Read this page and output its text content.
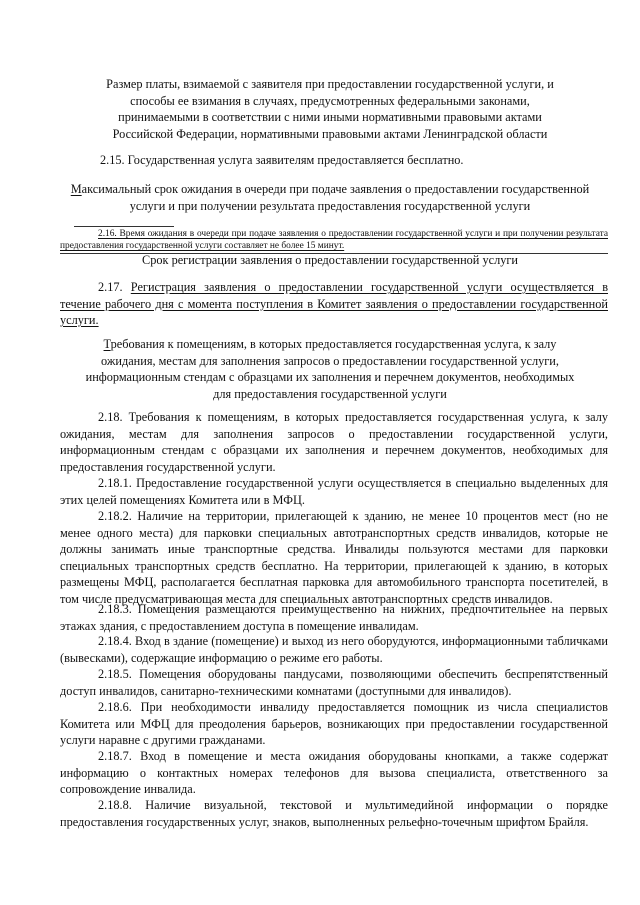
Размер платы, взимаемой с заявителя при предоставлении государственной услуги, и способы ее взимания в случаях, предусмотренных федеральными законами, принимаемыми в соответствии с ними иными нормативными правовыми актами Российской Федерации, нормативными правовыми актами Ленинградской области

2.15. Государственная услуга заявителям предоставляется бесплатно.

Максимальный срок ожидания в очереди при подаче заявления о предоставлении государственной услуги и при получении результата предоставления государственной услуги

2.16. Время ожидания в очереди при подаче заявления о предоставлении государственной услуги и при получении результата предоставления государственной услуги составляет не более 15 минут.

Срок регистрации заявления о предоставлении государственной услуги

2.17. Регистрация заявления о предоставлении государственной услуги осуществляется в течение рабочего дня с момента поступления в Комитет заявления о предоставлении государственной услуги.

Требования к помещениям, в которых предоставляется государственная услуга, к залу ожидания, местам для заполнения запросов о предоставлении государственной услуги, информационным стендам с образцами их заполнения и перечнем документов, необходимых для предоставления государственной услуги

2.18. Требования к помещениям, в которых предоставляется государственная услуга, к залу ожидания, местам для заполнения запросов о предоставлении государственной услуги, информационным стендам с образцами их заполнения и перечнем документов, необходимых для предоставления государственной услуги.

2.18.1. Предоставление государственной услуги осуществляется в специально выделенных для этих целей помещениях Комитета или в МФЦ.

2.18.2. Наличие на территории, прилегающей к зданию, не менее 10 процентов мест (но не менее одного места) для парковки специальных автотранспортных средств инвалидов, которые не должны занимать иные транспортные средства. Инвалиды пользуются местами для парковки специальных транспортных средств бесплатно. На территории, прилегающей к зданию, в которых размещены МФЦ, располагается бесплатная парковка для автомобильного транспорта посетителей, в том числе предусматривающая места для специальных автотранспортных средств инвалидов.

2.18.3. Помещения размещаются преимущественно на нижних, предпочтительнее на первых этажах здания, с предоставлением доступа в помещение инвалидам.

2.18.4. Вход в здание (помещение) и выход из него оборудуются, информационными табличками (вывесками), содержащие информацию о режиме его работы.

2.18.5. Помещения оборудованы пандусами, позволяющими обеспечить беспрепятственный доступ инвалидов, санитарно-техническими комнатами (доступными для инвалидов).

2.18.6. При необходимости инвалиду предоставляется помощник из числа специалистов Комитета или МФЦ для преодоления барьеров, возникающих при предоставлении государственной услуги наравне с другими гражданами.

2.18.7. Вход в помещение и места ожидания оборудованы кнопками, а также содержат информацию о контактных номерах телефонов для вызова специалиста, ответственного за сопровождение инвалида.

2.18.8. Наличие визуальной, текстовой и мультимедийной информации о порядке предоставления государственных услуг, знаков, выполненных рельефно-точечным шрифтом Брайля.
